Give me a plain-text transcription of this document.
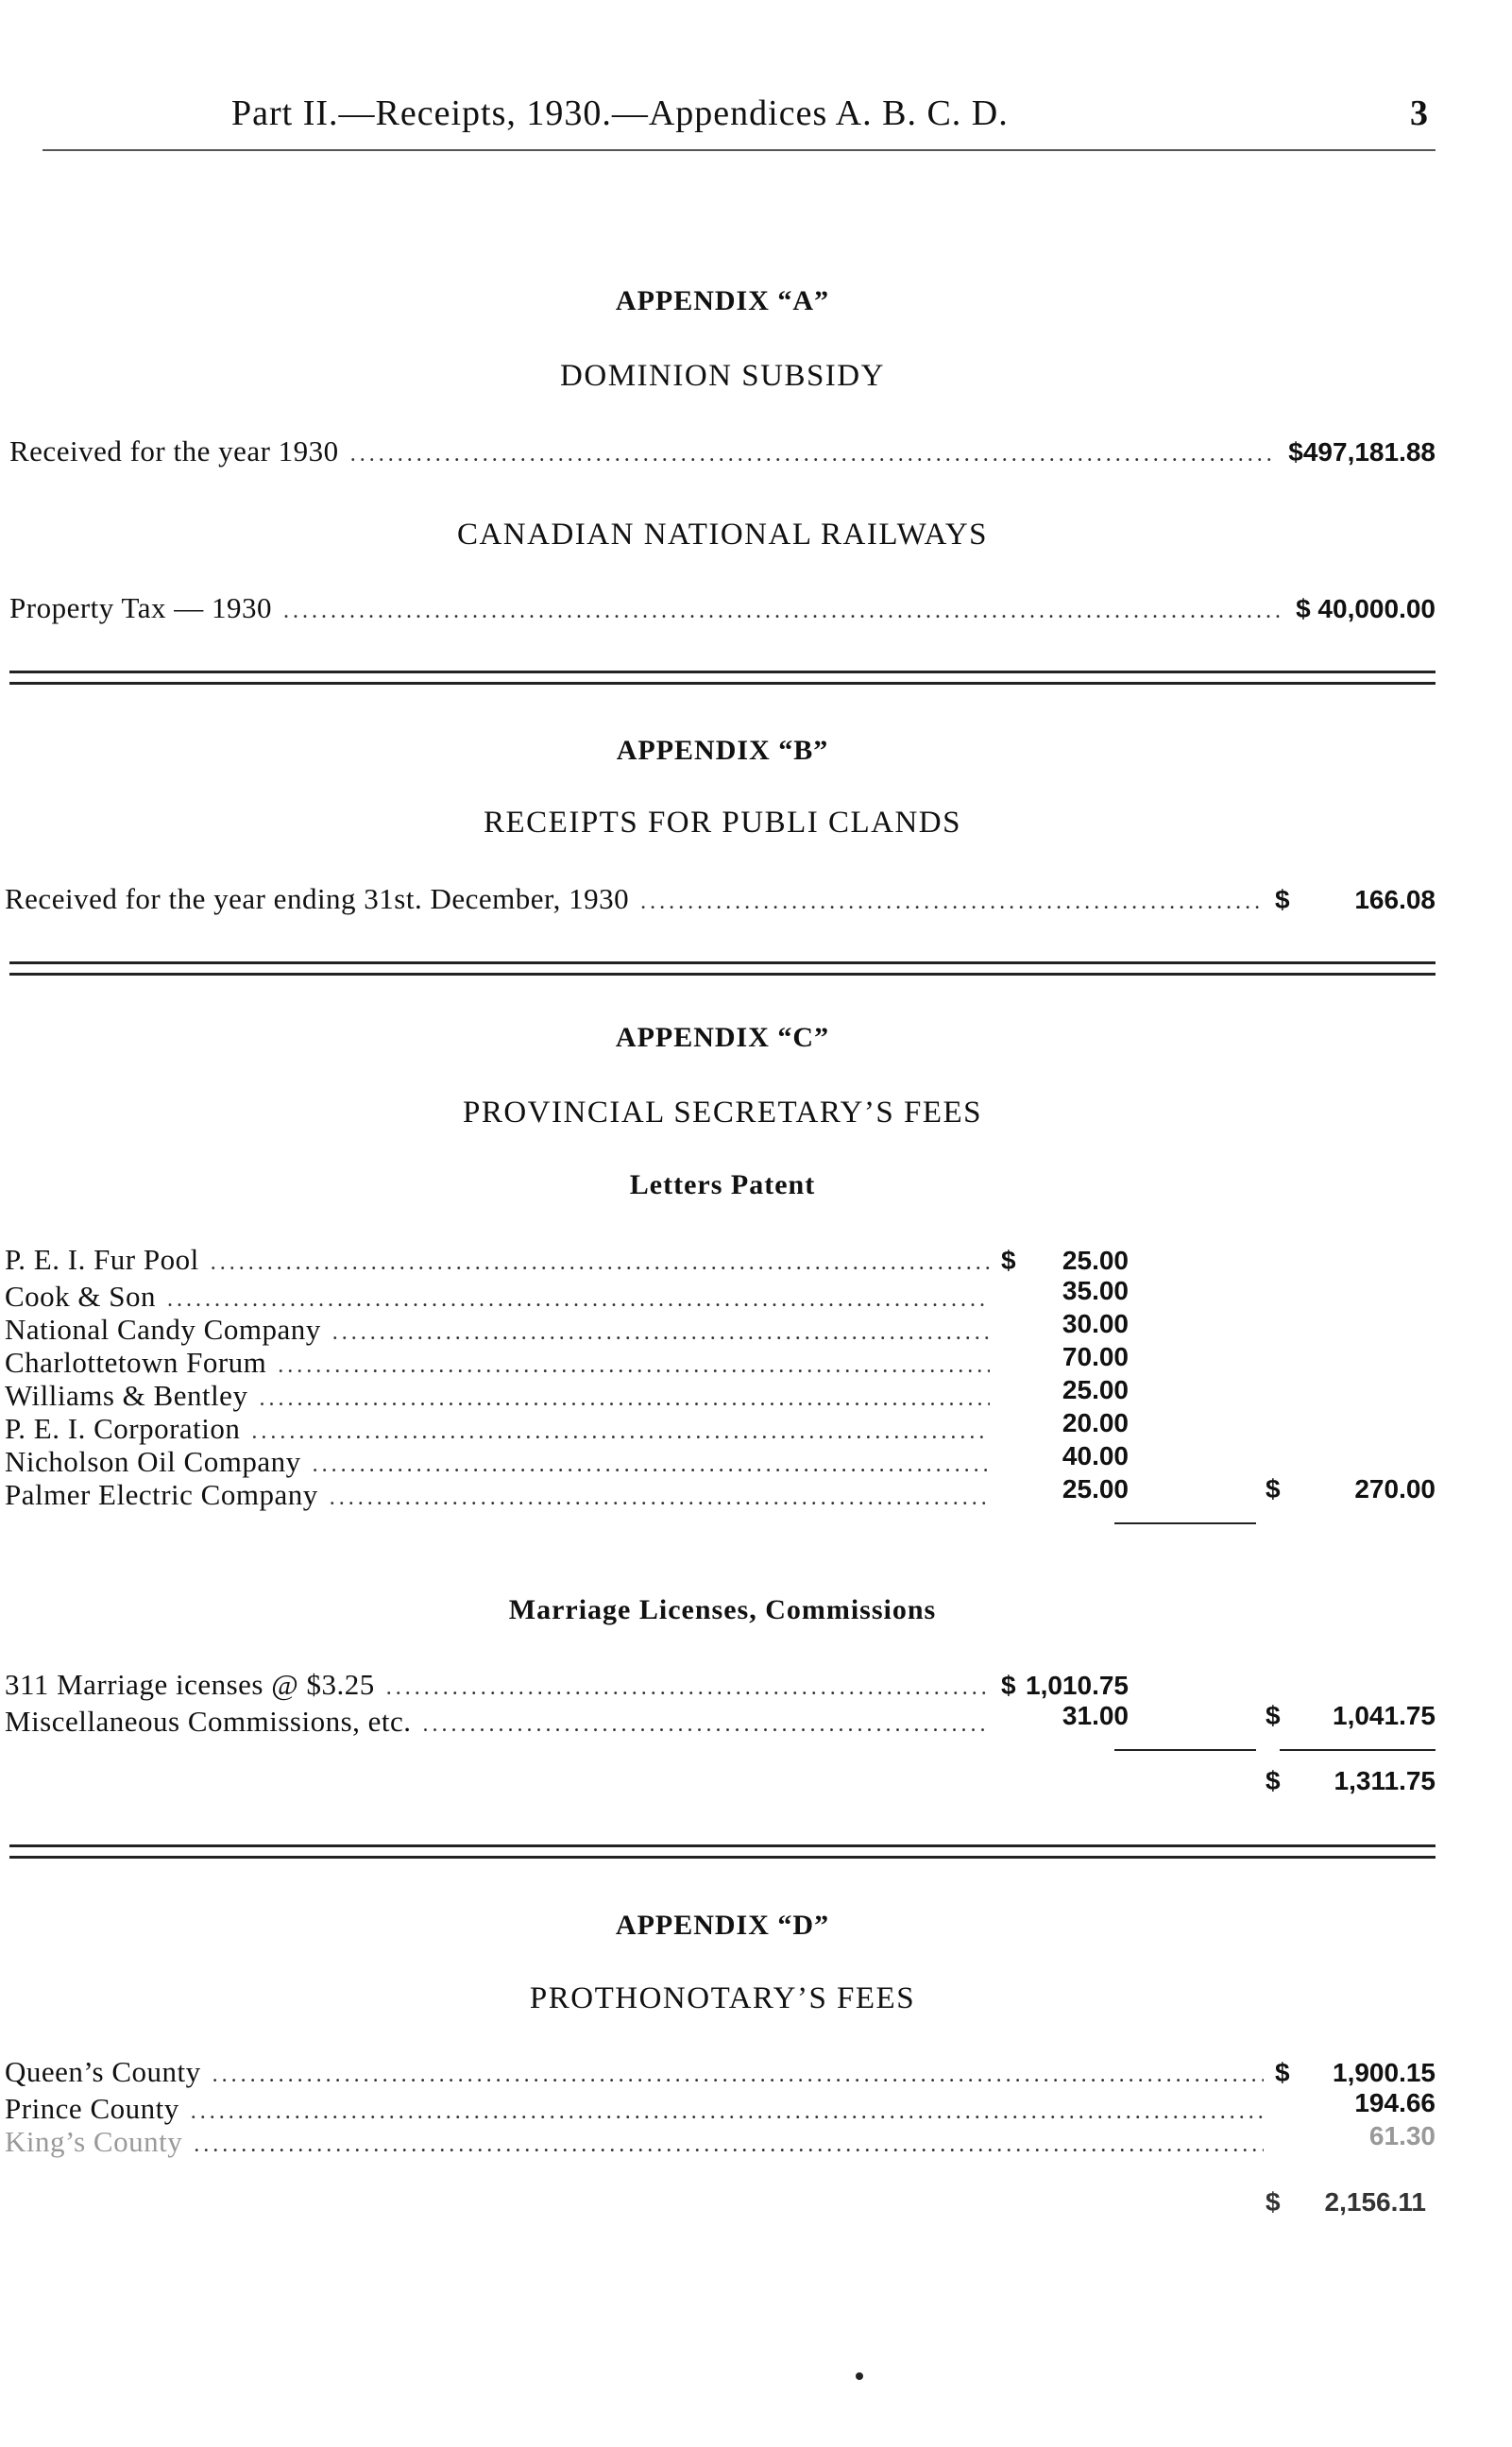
Part II.—Receipts, 1930.—Appendices A. B. C. D.	3
APPENDIX “A”
DOMINION SUBSIDY
Received for the year 1930 .....	$497,181.88
CANADIAN NATIONAL RAILWAYS
Property Tax — 1930 .....	$ 40,000.00
APPENDIX “B”
RECEIPTS FOR PUBLI CLANDS
Received for the year ending 31st. December, 1930 .....	$ 166.08
APPENDIX “C”
PROVINCIAL SECRETARY’S FEES
Letters Patent
P. E. I. Fur Pool .....	$ 25.00
Cook & Son .....	35.00
National Candy Company .....	30.00
Charlottetown Forum .....	70.00
Williams & Bentley .....	25.00
P. E. I. Corporation .....	20.00
Nicholson Oil Company .....	40.00
Palmer Electric Company .....	25.00	$	270.00
Marriage Licenses, Commissions
311 Marriage icenses @ $3.25 .....	$ 1,010.75
Miscellaneous Commissions, etc. .....	31.00	$ 1,041.75
$ 1,311.75
APPENDIX “D”
PROTHONOTARY’S FEES
Queen’s County .....	$ 1,900.15
Prince County .....	194.66
King’s County .....	61.30
$ 2,156.11
